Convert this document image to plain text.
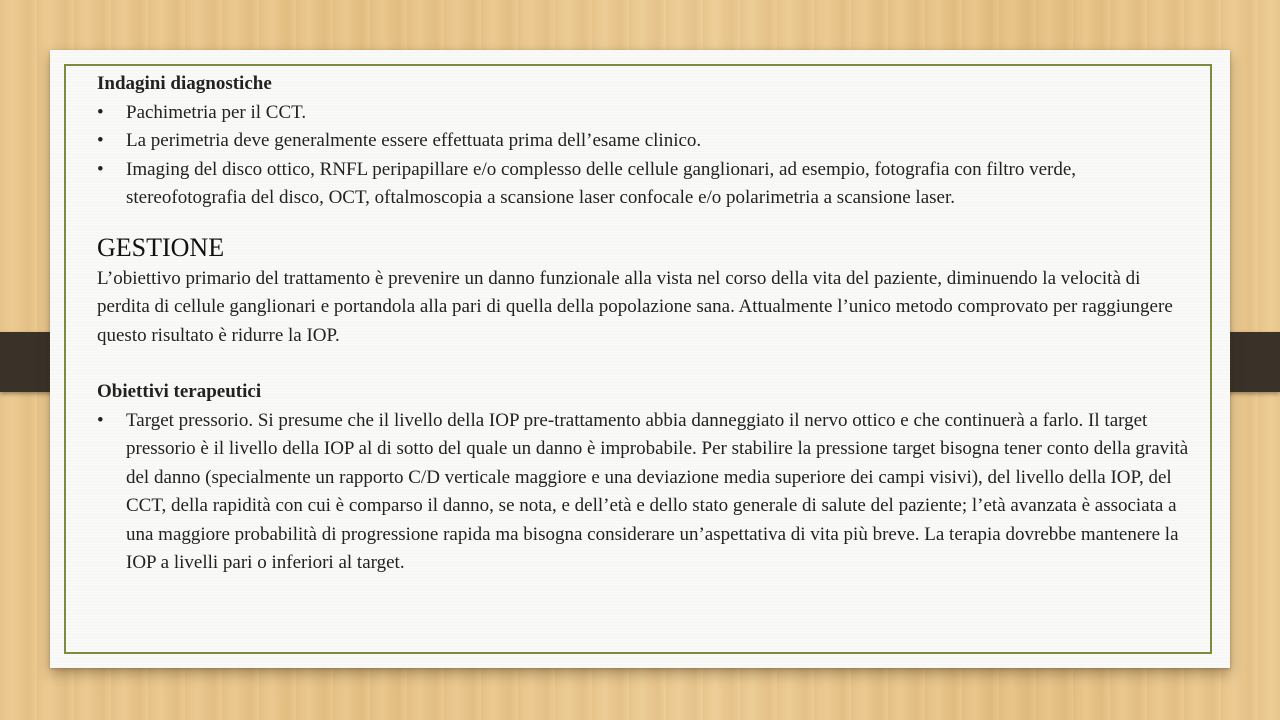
Indagini diagnostiche
• Pachimetria per il CCT.
• La perimetria deve generalmente essere effettuata prima dell’esame clinico.
• Imaging del disco ottico, RNFL peripapillare e/o complesso delle cellule ganglionari, ad esempio, fotografia con filtro verde, stereofotografia del disco, OCT, oftalmoscopia a scansione laser confocale e/o polarimetria a scansione laser.
GESTIONE

L’obiettivo primario del trattamento è prevenire un danno funzionale alla vista nel corso della vita del paziente, diminuendo la velocità di perdita di cellule ganglionari e portandola alla pari di quella della popolazione sana. Attualmente l’unico metodo comprovato per raggiungere questo risultato è ridurre la IOP.

Obiettivi terapeutici
• Target pressorio. Si presume che il livello della IOP pre-trattamento abbia danneggiato il nervo ottico e che continuerà a farlo. Il target pressorio è il livello della IOP al di sotto del quale un danno è improbabile. Per stabilire la pressione target bisogna tener conto della gravità del danno (specialmente un rapporto C/D verticale maggiore e una deviazione media superiore dei campi visivi), del livello della IOP, del CCT, della rapidità con cui è comparso il danno, se nota, e dell’età e dello stato generale di salute del paziente; l’età avanzata è associata a una maggiore probabilità di progressione rapida ma bisogna considerare un’aspettativa di vita più breve. La terapia dovrebbe mantenere la IOP a livelli pari o inferiori al target.
